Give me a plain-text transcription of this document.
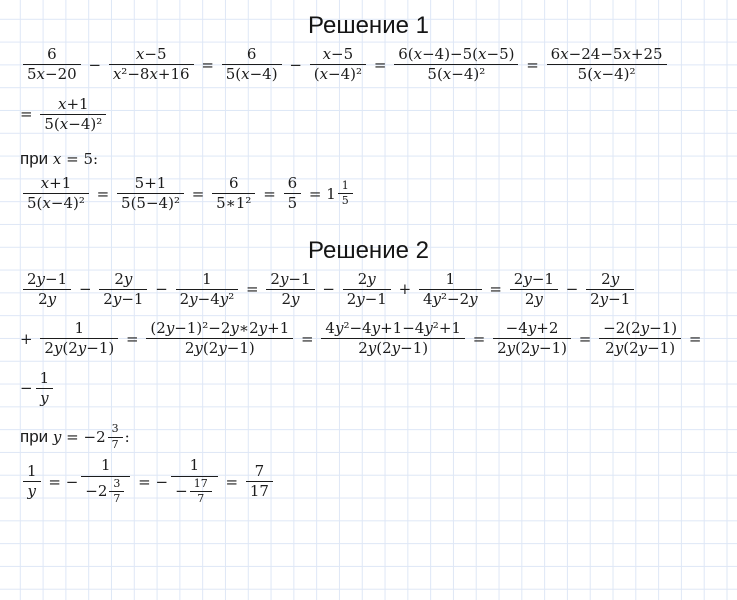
Решение 1
$\frac{6}{5x-20} - \frac{x-5}{\text{x²−8x+16}} = \frac{6}{5(x-4)} - \frac{x-5}{\text{(x−4)²}} = \frac{6(x-4)-5(x-5)}{\text{5(x−4)²}} = \frac{6x-24-5x+25}{\text{5(x−4)²}}$
= $\frac{x+1}{\text{5(x−4)²}}$
при x = 5:
$\frac{x+1}{\text{5(x−4)²}} = \frac{5+1}{\text{5(5−4)²}} = \frac{6}{\text{5∗1²}} = \frac{6}{5} = 1 \frac{1}{5}$
Решение 2
$\frac{2y-1}{2y} - \frac{2y}{2y-1} - \frac{1}{\text{2y−4y²}} = \frac{2y-1}{2y} - \frac{2y}{2y-1} + \frac{1}{\text{4y²−2y}} = \frac{2y-1}{2y} - \frac{2y}{2y-1}$
+ $\frac{1}{2y(2y-1)} = \frac{\text{(2y−1)²−2y∗2y+1}}{2y(2y-1)} = \frac{\text{4y²−4y+1−4y²+1}}{2y(2y-1)} = \frac{-4y+2}{2y(2y-1)} = \frac{-2(2y-1)}{2y(2y-1)}$ =
− $\frac{1}{y}$
при $y = -2 \frac{3}{7}$ :
$\frac{1}{y}$ = − $\frac{1}{-2 \frac{3}{7}}$ = − $\frac{1}{- \frac{17}{7}} = \frac{7}{17}$
